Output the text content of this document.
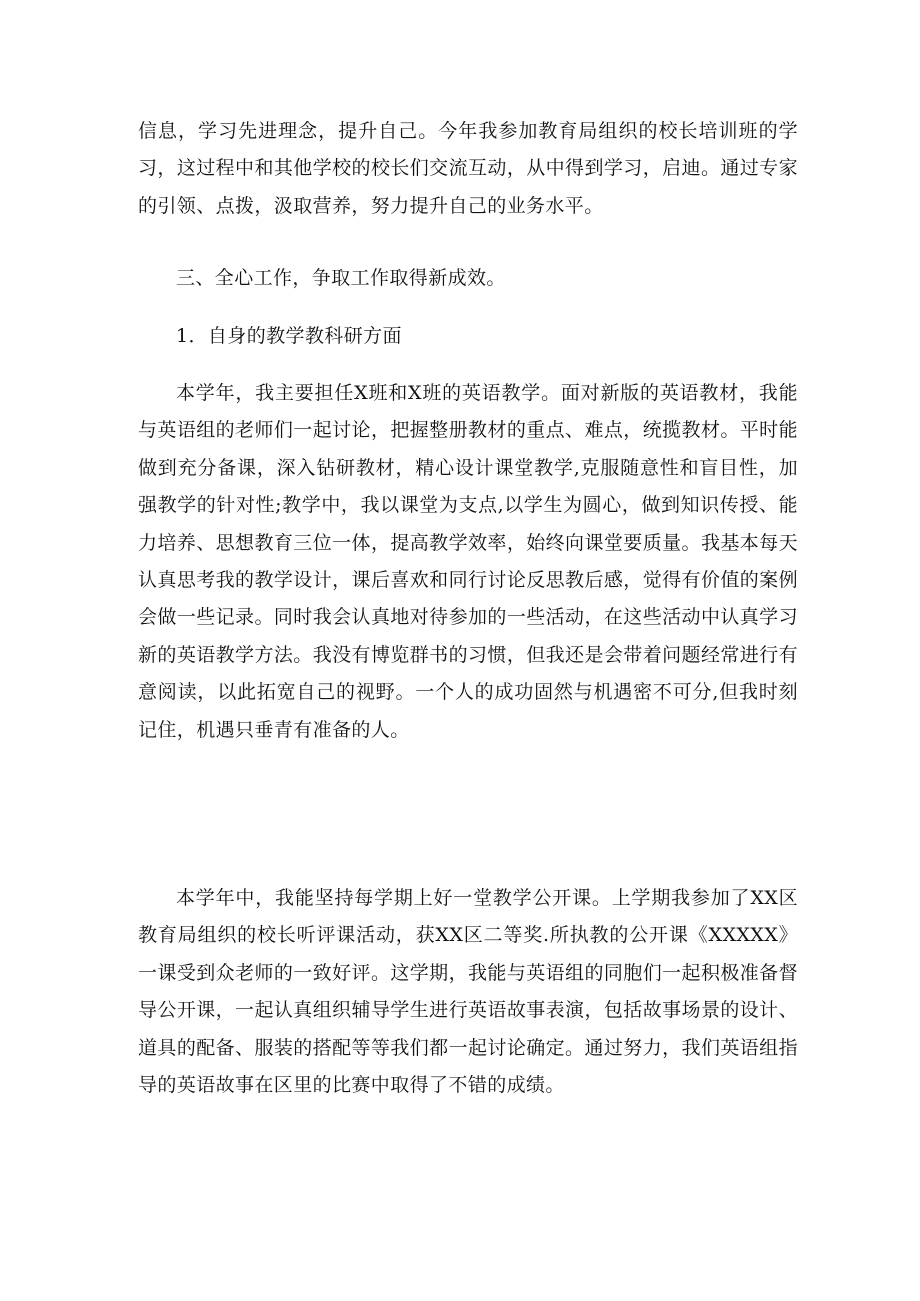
信息，学习先进理念，提升自己。今年我参加教育局组织的校长培训班的学习，这过程中和其他学校的校长们交流互动，从中得到学习，启迪。通过专家的引领、点拨，汲取营养，努力提升自己的业务水平。

三、全心工作，争取工作取得新成效。

1．自身的教学教科研方面

本学年，我主要担任X班和X班的英语教学。面对新版的英语教材，我能与英语组的老师们一起讨论，把握整册教材的重点、难点，统揽教材。平时能做到充分备课，深入钻研教材，精心设计课堂教学,克服随意性和盲目性，加强教学的针对性;教学中，我以课堂为支点,以学生为圆心，做到知识传授、能力培养、思想教育三位一体，提高教学效率，始终向课堂要质量。我基本每天认真思考我的教学设计，课后喜欢和同行讨论反思教后感，觉得有价值的案例会做一些记录。同时我会认真地对待参加的一些活动，在这些活动中认真学习新的英语教学方法。我没有博览群书的习惯，但我还是会带着问题经常进行有意阅读，以此拓宽自己的视野。一个人的成功固然与机遇密不可分,但我时刻记住，机遇只垂青有准备的人。

本学年中，我能坚持每学期上好一堂教学公开课。上学期我参加了XX区教育局组织的校长听评课活动，获XX区二等奖.所执教的公开课《XXXXX》一课受到众老师的一致好评。这学期，我能与英语组的同胞们一起积极准备督导公开课，一起认真组织辅导学生进行英语故事表演，包括故事场景的设计、道具的配备、服装的搭配等等我们都一起讨论确定。通过努力，我们英语组指导的英语故事在区里的比赛中取得了不错的成绩。
